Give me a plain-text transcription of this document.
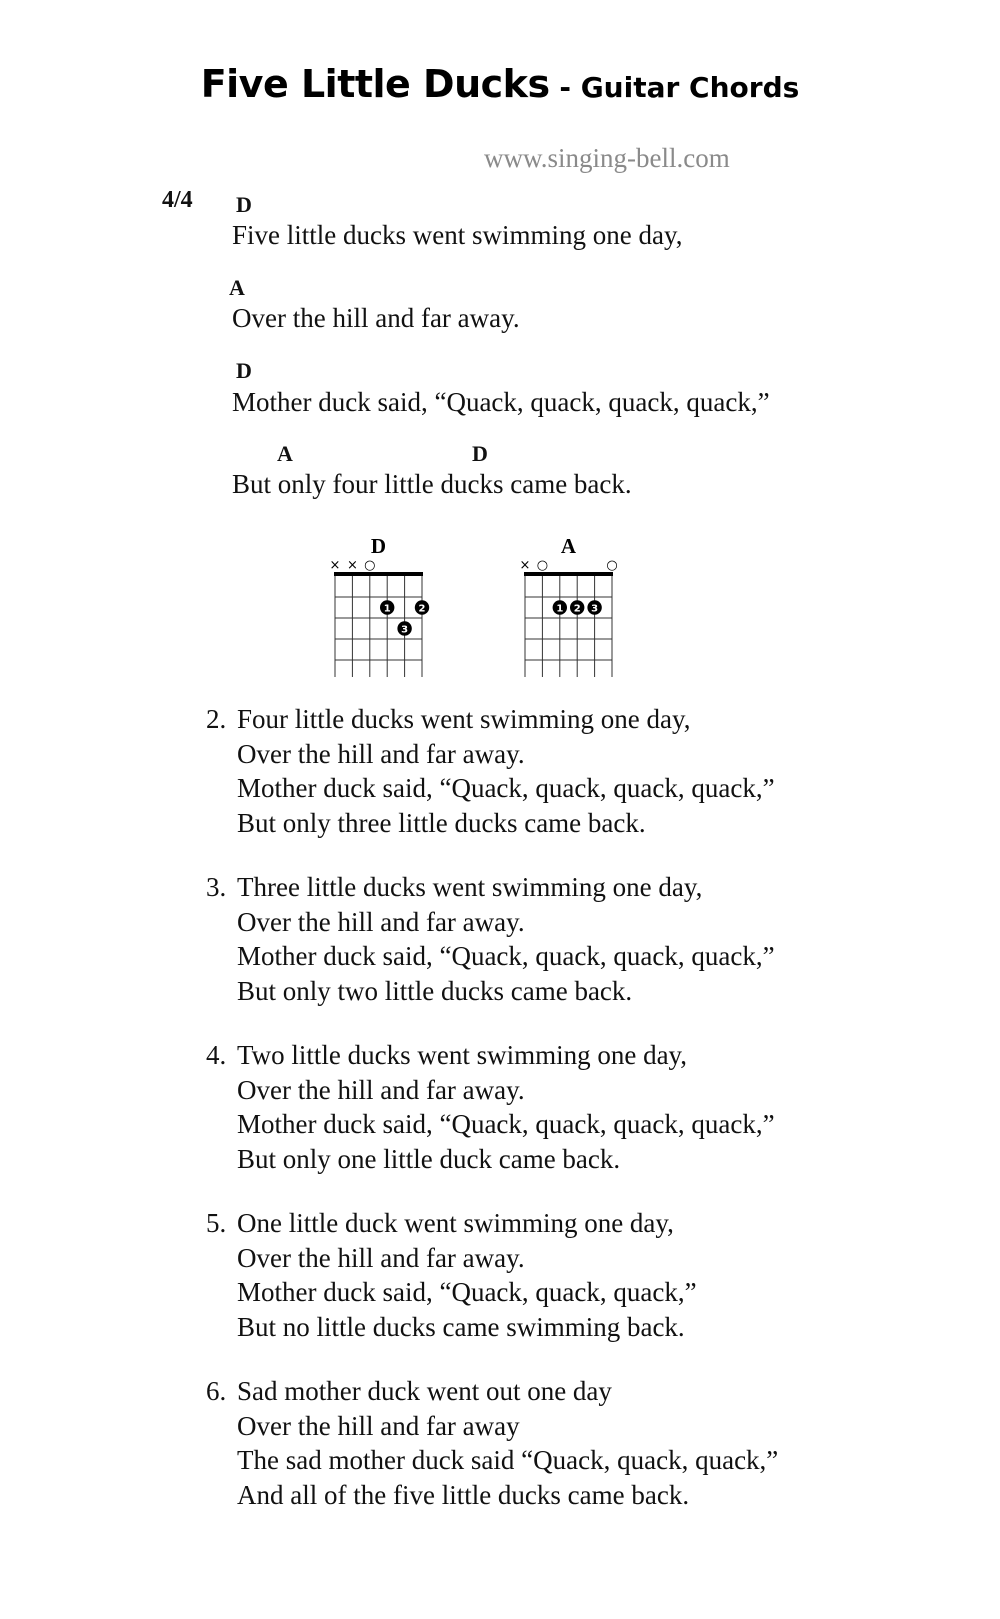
Five Little Ducks - Guitar Chords
www.singing-bell.com
4/4 D
Five little ducks went swimming one day,
A
Over the hill and far away.
D
Mother duck said, “Quack, quack, quack, quack,”
A	D
But only four little ducks came back.
D
× × ○
1	2
3
A
× ○	○
1 2 3
2. Four little ducks went swimming one day,
Over the hill and far away.
Mother duck said, “Quack, quack, quack, quack,”
But only three little ducks came back.
3. Three little ducks went swimming one day,
Over the hill and far away.
Mother duck said, “Quack, quack, quack, quack,”
But only two little ducks came back.
4. Two little ducks went swimming one day,
Over the hill and far away.
Mother duck said, “Quack, quack, quack, quack,”
But only one little duck came back.
5. One little duck went swimming one day,
Over the hill and far away.
Mother duck said, “Quack, quack, quack,”
But no little ducks came swimming back.
6. Sad mother duck went out one day
Over the hill and far away
The sad mother duck said “Quack, quack, quack,”
And all of the five little ducks came back.
